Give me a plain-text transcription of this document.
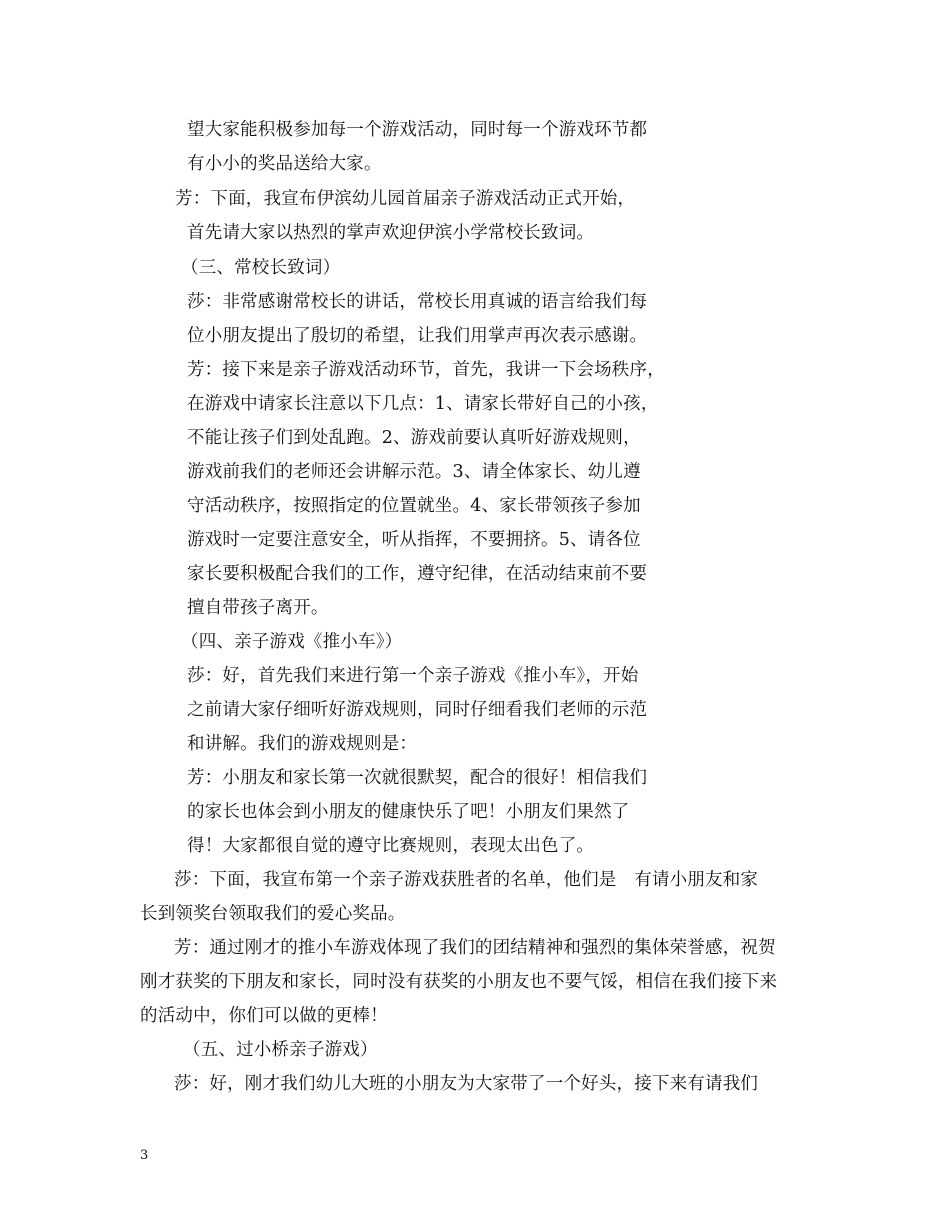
望大家能积极参加每一个游戏活动，同时每一个游戏环节都
有小小的奖品送给大家。
芳：下面，我宣布伊滨幼儿园首届亲子游戏活动正式开始，
首先请大家以热烈的掌声欢迎伊滨小学常校长致词。
（三、常校长致词）
莎：非常感谢常校长的讲话，常校长用真诚的语言给我们每
位小朋友提出了殷切的希望，让我们用掌声再次表示感谢。
芳：接下来是亲子游戏活动环节，首先，我讲一下会场秩序，
在游戏中请家长注意以下几点：1、请家长带好自己的小孩，
不能让孩子们到处乱跑。2、游戏前要认真听好游戏规则，
游戏前我们的老师还会讲解示范。3、请全体家长、幼儿遵
守活动秩序，按照指定的位置就坐。4、家长带领孩子参加
游戏时一定要注意安全，听从指挥，不要拥挤。5、请各位
家长要积极配合我们的工作，遵守纪律，在活动结束前不要
擅自带孩子离开。
（四、亲子游戏《推小车》）
莎：好，首先我们来进行第一个亲子游戏《推小车》，开始
之前请大家仔细听好游戏规则，同时仔细看我们老师的示范
和讲解。我们的游戏规则是：
芳：小朋友和家长第一次就很默契，配合的很好！相信我们
的家长也体会到小朋友的健康快乐了吧！小朋友们果然了
得！大家都很自觉的遵守比赛规则，表现太出色了。
莎：下面，我宣布第一个亲子游戏获胜者的名单，他们是　有请小朋友和家
长到领奖台领取我们的爱心奖品。
芳：通过刚才的推小车游戏体现了我们的团结精神和强烈的集体荣誉感，祝贺
刚才获奖的下朋友和家长，同时没有获奖的小朋友也不要气馁，相信在我们接下来
的活动中，你们可以做的更棒！
（五、过小桥亲子游戏）
莎：好，刚才我们幼儿大班的小朋友为大家带了一个好头，接下来有请我们
3
